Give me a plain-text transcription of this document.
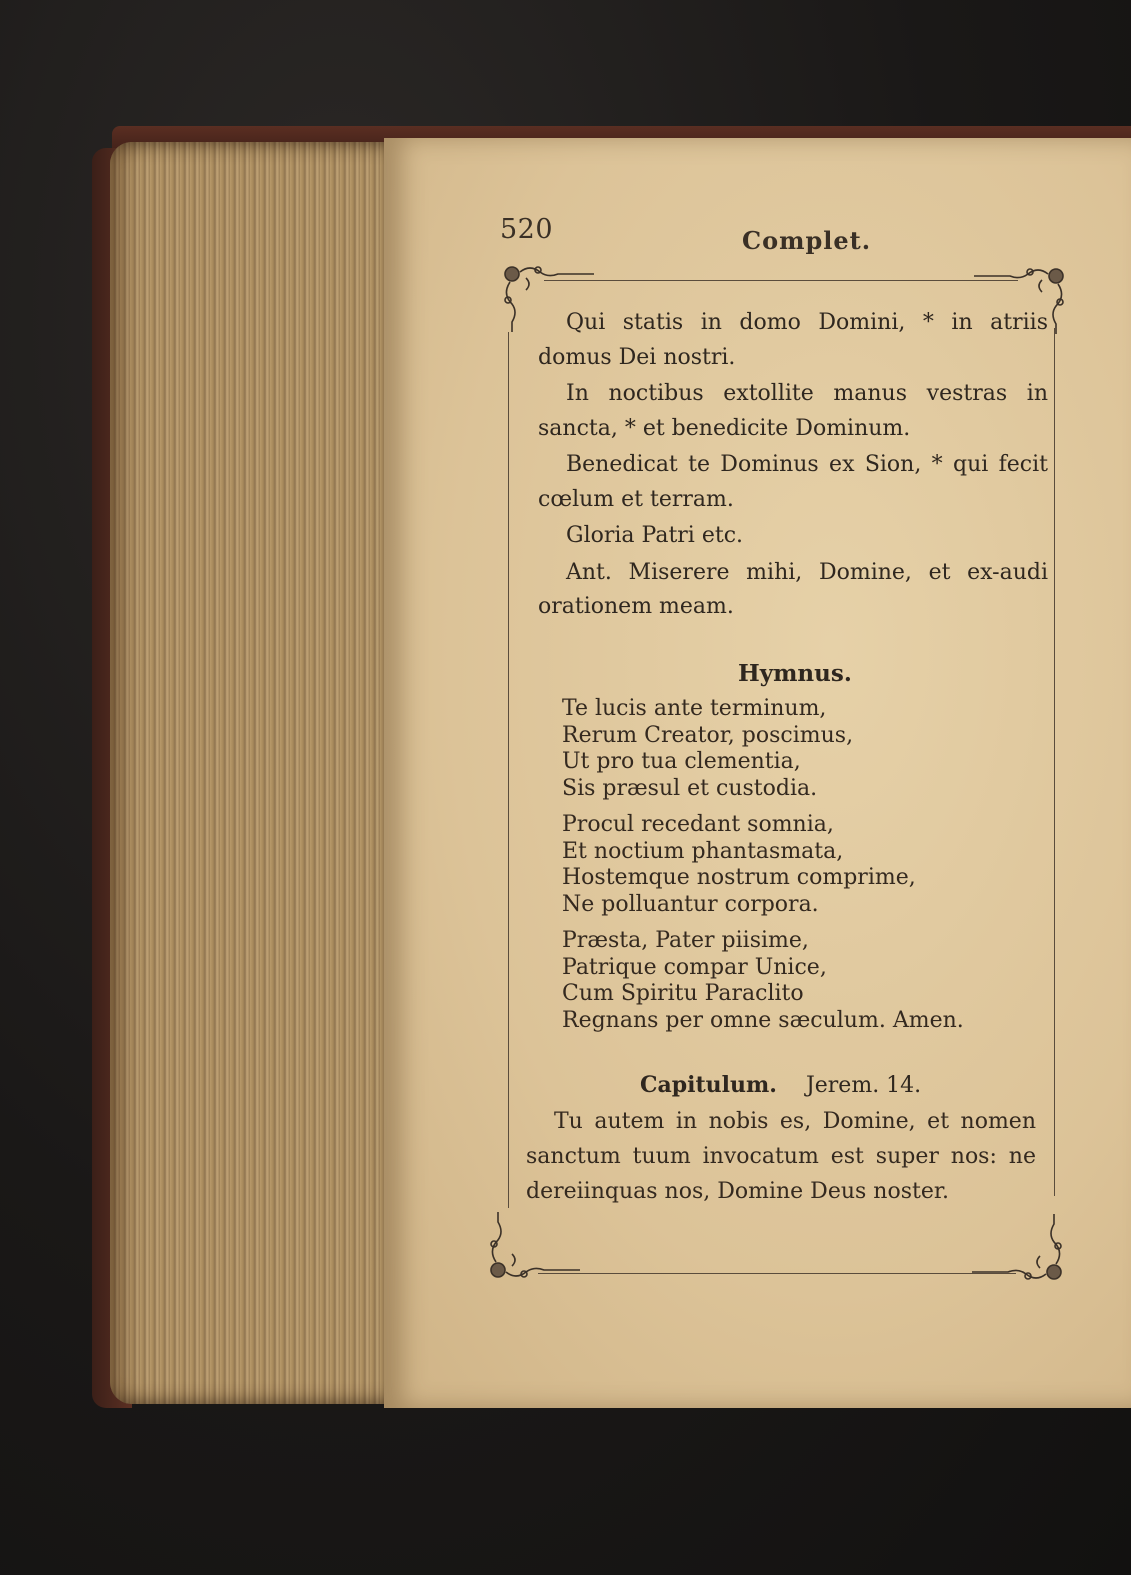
520	Complet.

Qui statis in domo Domini, * in atriis domus Dei nostri.

In noctibus extollite manus vestras in sancta, * et benedicite Dominum.

Benedicat te Dominus ex Sion, * qui fecit cœlum et terram.

Gloria Patri etc.

Ant. Miserere mihi, Domine, et ex-audi orationem meam.

Hymnus.
Te lucis ante terminum,
Rerum Creator, poscimus,
Ut pro tua clementia,
Sis præsul et custodia.
Procul recedant somnia,
Et noctium phantasmata,
Hostemque nostrum comprime,
Ne polluantur corpora.
Præsta, Pater piisime,
Patrique compar Unice,
Cum Spiritu Paraclito
Regnans per omne sæculum. Amen.
Capitulum. Jerem. 14.

Tu autem in nobis es, Domine, et nomen sanctum tuum invocatum est super nos: ne dereiinquas nos, Domine Deus noster.
